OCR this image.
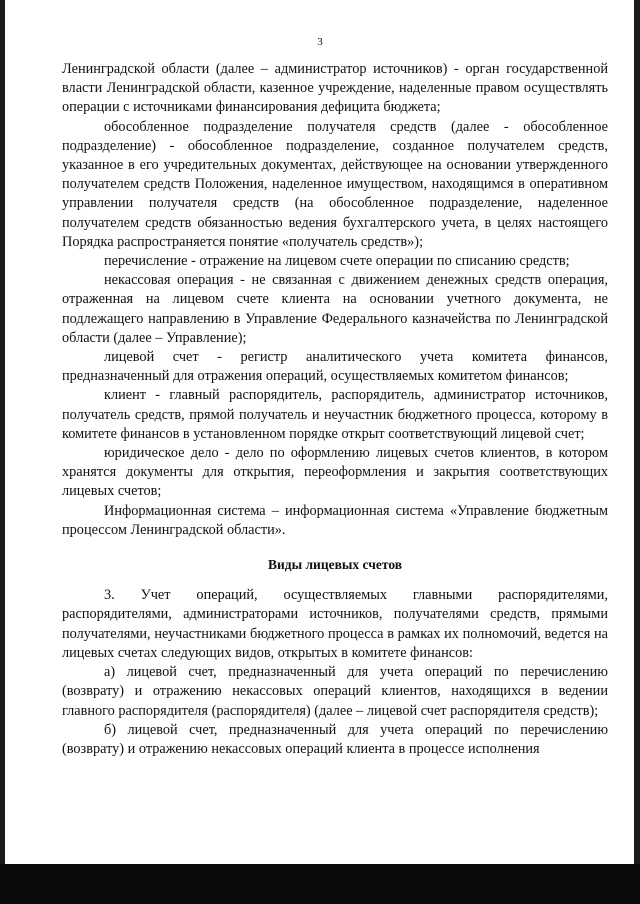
3

Ленинградской области (далее – администратор источников) - орган государственной власти Ленинградской области, казенное учреждение, наделенные правом осуществлять операции с источниками финансирования дефицита бюджета;

обособленное подразделение получателя средств (далее - обособленное подразделение) - обособленное подразделение, созданное получателем средств, указанное в его учредительных документах, действующее на основании утвержденного получателем средств Положения, наделенное имуществом, находящимся в оперативном управлении получателя средств (на обособленное подразделение, наделенное получателем средств обязанностью ведения бухгалтерского учета, в целях настоящего Порядка распространяется понятие «получатель средств»);

перечисление - отражение на лицевом счете операции по списанию средств;

некассовая операция - не связанная с движением денежных средств операция, отраженная на лицевом счете клиента на основании учетного документа, не подлежащего направлению в Управление Федерального казначейства по Ленинградской области (далее – Управление);

лицевой счет - регистр аналитического учета комитета финансов, предназначенный для отражения операций, осуществляемых комитетом финансов;

клиент - главный распорядитель, распорядитель, администратор источников, получатель средств, прямой получатель и неучастник бюджетного процесса, которому в комитете финансов в установленном порядке открыт соответствующий лицевой счет;

юридическое дело - дело по оформлению лицевых счетов клиентов, в котором хранятся документы для открытия, переоформления и закрытия соответствующих лицевых счетов;

Информационная система – информационная система «Управление бюджетным процессом Ленинградской области».

Виды лицевых счетов

3. Учет операций, осуществляемых главными распорядителями, распорядителями, администраторами источников, получателями средств, прямыми получателями, неучастниками бюджетного процесса в рамках их полномочий, ведется на лицевых счетах следующих видов, открытых в комитете финансов:

а) лицевой счет, предназначенный для учета операций по перечислению (возврату) и отражению некассовых операций клиентов, находящихся в ведении главного распорядителя (распорядителя) (далее – лицевой счет распорядителя средств);

б) лицевой счет, предназначенный для учета операций по перечислению (возврату) и отражению некассовых операций клиента в процессе исполнения
